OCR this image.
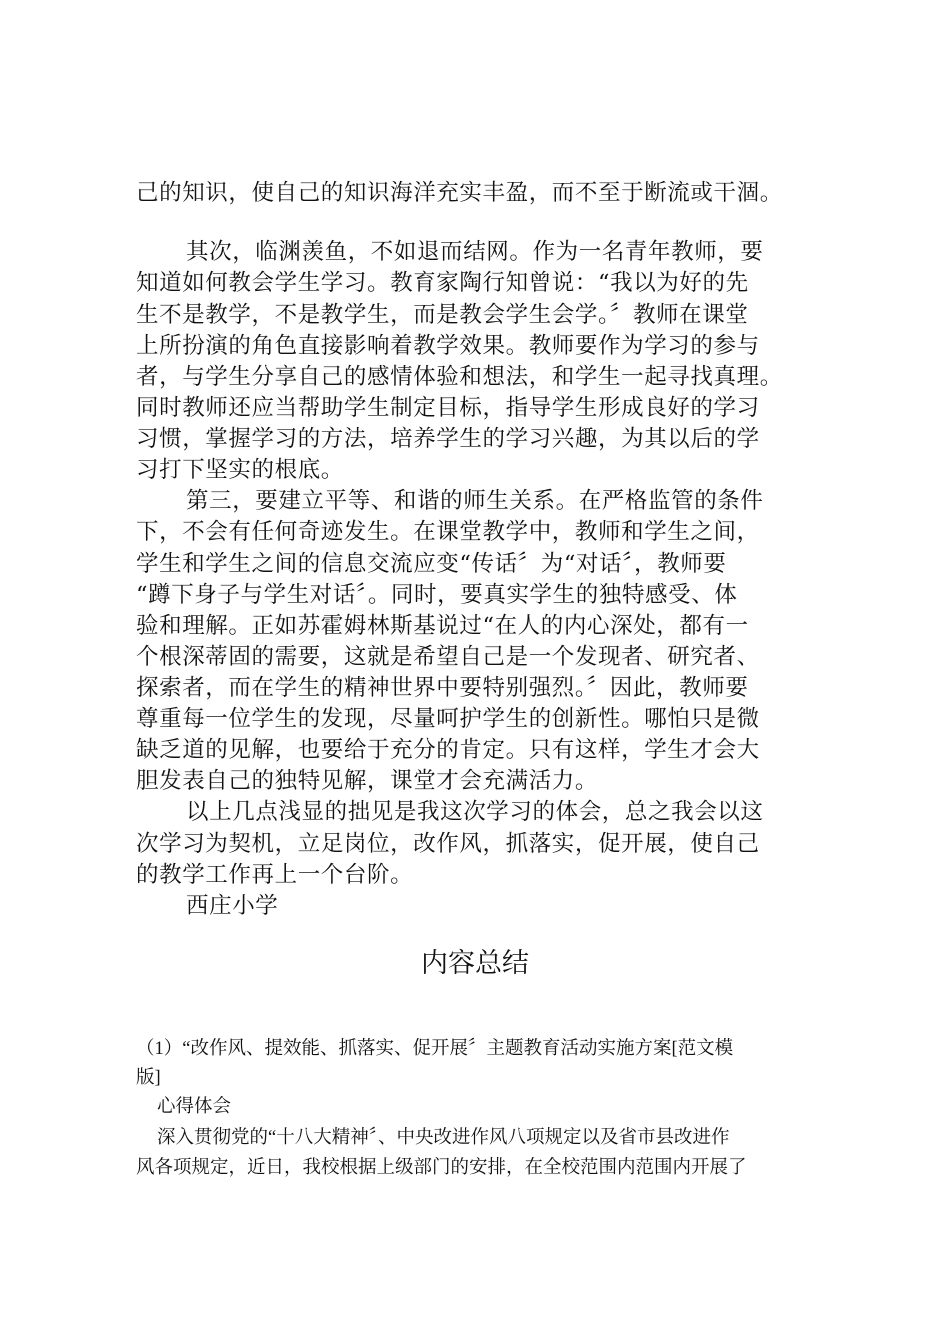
己的知识，使自己的知识海洋充实丰盈，而不至于断流或干涸。
其次，临渊羡鱼，不如退而结网。作为一名青年教师，要
知道如何教会学生学习。教育家陶行知曾说：“我以为好的先
生不是教学，不是教学生，而是教会学生会学。〞教师在课堂
上所扮演的角色直接影响着教学效果。教师要作为学习的参与
者，与学生分享自己的感情体验和想法，和学生一起寻找真理。
同时教师还应当帮助学生制定目标，指导学生形成良好的学习
习惯，掌握学习的方法，培养学生的学习兴趣，为其以后的学
习打下坚实的根底。
第三，要建立平等、和谐的师生关系。在严格监管的条件
下，不会有任何奇迹发生。在课堂教学中，教师和学生之间，
学生和学生之间的信息交流应变“传话〞为“对话〞，教师要
“蹲下身子与学生对话〞。同时，要真实学生的独特感受、体
验和理解。正如苏霍姆林斯基说过“在人的内心深处，都有一
个根深蒂固的需要，这就是希望自己是一个发现者、研究者、
探索者，而在学生的精神世界中要特别强烈。〞因此，教师要
尊重每一位学生的发现，尽量呵护学生的创新性。哪怕只是微
缺乏道的见解，也要给于充分的肯定。只有这样，学生才会大
胆发表自己的独特见解，课堂才会充满活力。
以上几点浅显的拙见是我这次学习的体会，总之我会以这
次学习为契机，立足岗位，改作风，抓落实，促开展，使自己
的教学工作再上一个台阶。
西庄小学
内容总结
（1）“改作风、提效能、抓落实、促开展〞主题教育活动实施方案[范文模
版]
心得体会
深入贯彻党的“十八大精神〞、中央改进作风八项规定以及省市县改进作
风各项规定，近日，我校根据上级部门的安排，在全校范围内范围内开展了
